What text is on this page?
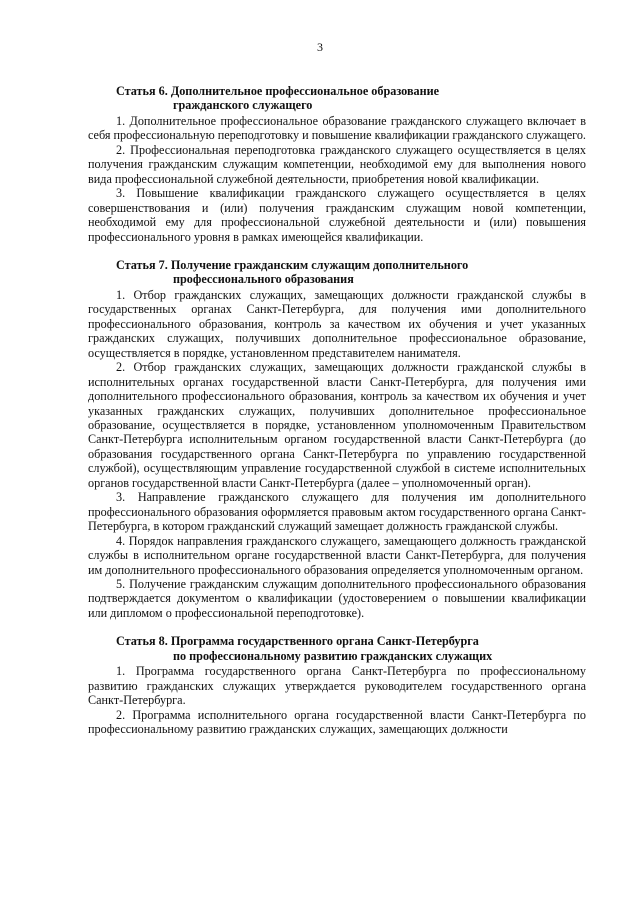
3
Статья 6. Дополнительное профессиональное образование
гражданского служащего

1. Дополнительное профессиональное образование гражданского служащего включает в себя профессиональную переподготовку и повышение квалификации гражданского служащего.

2. Профессиональная переподготовка гражданского служащего осуществляется в целях получения гражданским служащим компетенции, необходимой ему для выполнения нового вида профессиональной служебной деятельности, приобретения новой квалификации.

3. Повышение квалификации гражданского служащего осуществляется в целях совершенствования и (или) получения гражданским служащим новой компетенции, необходимой ему для профессиональной служебной деятельности и (или) повышения профессионального уровня в рамках имеющейся квалификации.

Статья 7. Получение гражданским служащим дополнительного
профессионального образования

1. Отбор гражданских служащих, замещающих должности гражданской службы в государственных органах Санкт-Петербурга, для получения ими дополнительного профессионального образования, контроль за качеством их обучения и учет указанных гражданских служащих, получивших дополнительное профессиональное образование, осуществляется в порядке, установленном представителем нанимателя.

2. Отбор гражданских служащих, замещающих должности гражданской службы в исполнительных органах государственной власти Санкт-Петербурга, для получения ими дополнительного профессионального образования, контроль за качеством их обучения и учет указанных гражданских служащих, получивших дополнительное профессиональное образование, осуществляется в порядке, установленном уполномоченным Правительством Санкт-Петербурга исполнительным органом государственной власти Санкт-Петербурга (до образования государственного органа Санкт-Петербурга по управлению государственной службой), осуществляющим управление государственной службой в системе исполнительных органов государственной власти Санкт-Петербурга (далее – уполномоченный орган).

3. Направление гражданского служащего для получения им дополнительного профессионального образования оформляется правовым актом государственного органа Санкт-Петербурга, в котором гражданский служащий замещает должность гражданской службы.

4. Порядок направления гражданского служащего, замещающего должность гражданской службы в исполнительном органе государственной власти Санкт-Петербурга, для получения им дополнительного профессионального образования определяется уполномоченным органом.

5. Получение гражданским служащим дополнительного профессионального образования подтверждается документом о квалификации (удостоверением о повышении квалификации или дипломом о профессиональной переподготовке).

Статья 8. Программа государственного органа Санкт-Петербурга
по профессиональному развитию гражданских служащих

1. Программа государственного органа Санкт-Петербурга по профессиональному развитию гражданских служащих утверждается руководителем государственного органа Санкт-Петербурга.

2. Программа исполнительного органа государственной власти Санкт-Петербурга по профессиональному развитию гражданских служащих, замещающих должности
